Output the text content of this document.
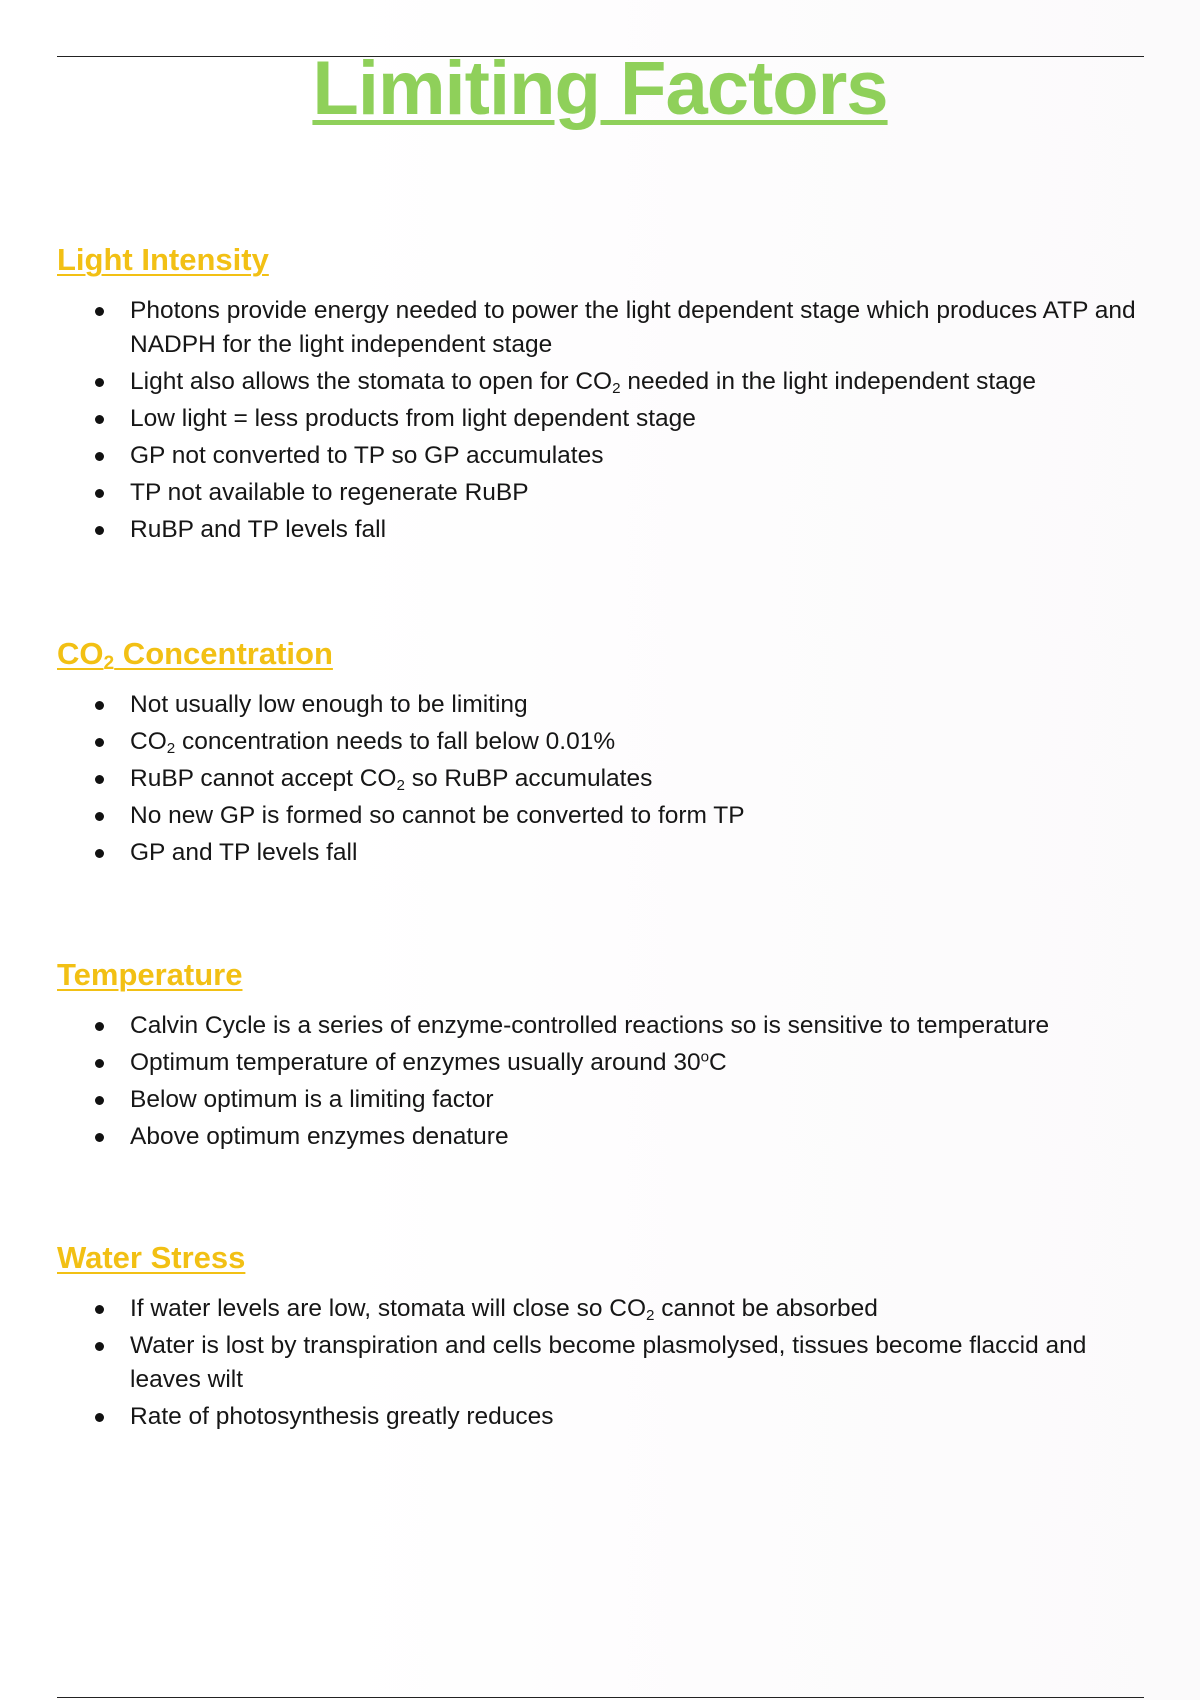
Limiting Factors
Light Intensity
Photons provide energy needed to power the light dependent stage which produces ATP and NADPH for the light independent stage
Light also allows the stomata to open for $CO_2$ needed in the light independent stage
Low light = less products from light dependent stage
GP not converted to TP so GP accumulates
TP not available to regenerate RuBP
RuBP and TP levels fall
$CO_2$ Concentration
Not usually low enough to be limiting
$CO_2$ concentration needs to fall below 0.01%
RuBP cannot accept $CO_2$ so RuBP accumulates
No new GP is formed so cannot be converted to form TP
GP and TP levels fall
Temperature
Calvin Cycle is a series of enzyme-controlled reactions so is sensitive to temperature
Optimum temperature of enzymes usually around 30$^o$C
Below optimum is a limiting factor
Above optimum enzymes denature
Water Stress
If water levels are low, stomata will close so $CO_2$ cannot be absorbed
Water is lost by transpiration and cells become plasmolysed, tissues become flaccid and leaves wilt
Rate of photosynthesis greatly reduces
